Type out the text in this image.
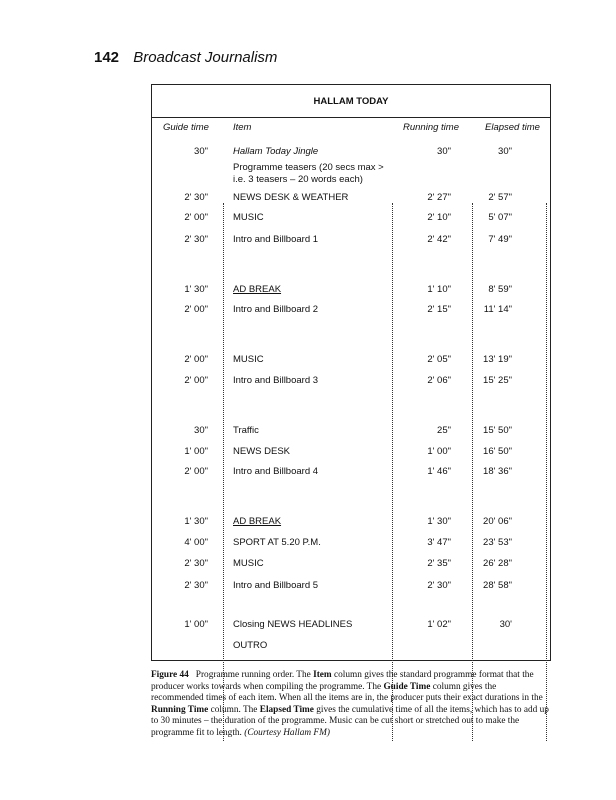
142 Broadcast Journalism
HALLAM TODAY
Guide time	Item	Running time	Elapsed time
30"	Hallam Today Jingle	30"	30"
Programme teasers (20 secs max >
i.e. 3 teasers – 20 words each)
2' 30"	NEWS DESK & WEATHER	2' 27"	2' 57"
2' 00"	MUSIC	2' 10"	5' 07"
2' 30"	Intro and Billboard 1	2' 42"	7' 49"
1' 30"	AD BREAK	1' 10"	8' 59"
2' 00"	Intro and Billboard 2	2' 15"	11' 14"
2' 00"	MUSIC	2' 05"	13' 19"
2' 00"	Intro and Billboard 3	2' 06"	15' 25"
30"	Traffic	25"	15' 50"
1' 00"	NEWS DESK	1' 00"	16' 50"
2' 00"	Intro and Billboard 4	1' 46"	18' 36"
1' 30"	AD BREAK	1' 30"	20' 06"
4' 00"	SPORT AT 5.20 P.M.	3' 47"	23' 53"
2' 30"	MUSIC	2' 35"	26' 28"
2' 30"	Intro and Billboard 5	2' 30"	28' 58"
1' 00"	Closing NEWS HEADLINES	1' 02"	30'
OUTRO
Figure 44 Programme running order. The Item column gives the standard programme format that the producer works towards when compiling the programme. The Guide Time column gives the recommended times of each item. When all the items are in, the producer puts their exact durations in the Running Time column. The Elapsed Time gives the cumulative time of all the items, which has to add up to 30 minutes – the duration of the programme. Music can be cut short or stretched out to make the programme fit to length. (Courtesy Hallam FM)
